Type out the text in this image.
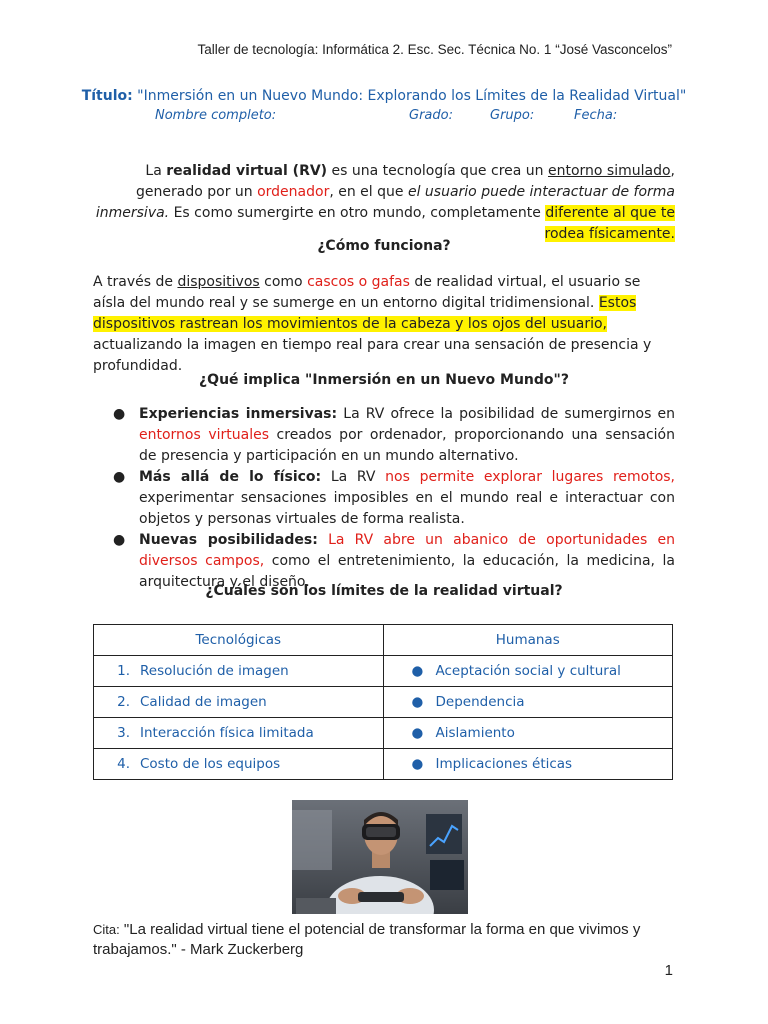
Taller de tecnología: Informática 2. Esc. Sec. Técnica No. 1 “José Vasconcelos”
Título: "Inmersión en un Nuevo Mundo: Explorando los Límites de la Realidad Virtual"
Nombre completo:	Grado:	Grupo:	Fecha:
La realidad virtual (RV) es una tecnología que crea un entorno simulado, generado por un ordenador, en el que el usuario puede interactuar de forma inmersiva. Es como sumergirte en otro mundo, completamente diferente al que te rodea físicamente.
¿Cómo funciona?
A través de dispositivos como cascos o gafas de realidad virtual, el usuario se aísla del mundo real y se sumerge en un entorno digital tridimensional. Estos dispositivos rastrean los movimientos de la cabeza y los ojos del usuario, actualizando la imagen en tiempo real para crear una sensación de presencia y profundidad.
¿Qué implica "Inmersión en un Nuevo Mundo"?
● Experiencias inmersivas: La RV ofrece la posibilidad de sumergirnos en entornos virtuales creados por ordenador, proporcionando una sensación de presencia y participación en un mundo alternativo.
● Más allá de lo físico: La RV nos permite explorar lugares remotos, experimentar sensaciones imposibles en el mundo real e interactuar con objetos y personas virtuales de forma realista.
● Nuevas posibilidades: La RV abre un abanico de oportunidades en diversos campos, como el entretenimiento, la educación, la medicina, la arquitectura y el diseño.
¿Cuáles son los límites de la realidad virtual?
Tecnológicas	Humanas
1. Resolución de imagen	● Aceptación social y cultural
2. Calidad de imagen	● Dependencia
3. Interacción física limitada	● Aislamiento
4. Costo de los equipos	● Implicaciones éticas
Cita: "La realidad virtual tiene el potencial de transformar la forma en que vivimos y trabajamos." - Mark Zuckerberg
1
